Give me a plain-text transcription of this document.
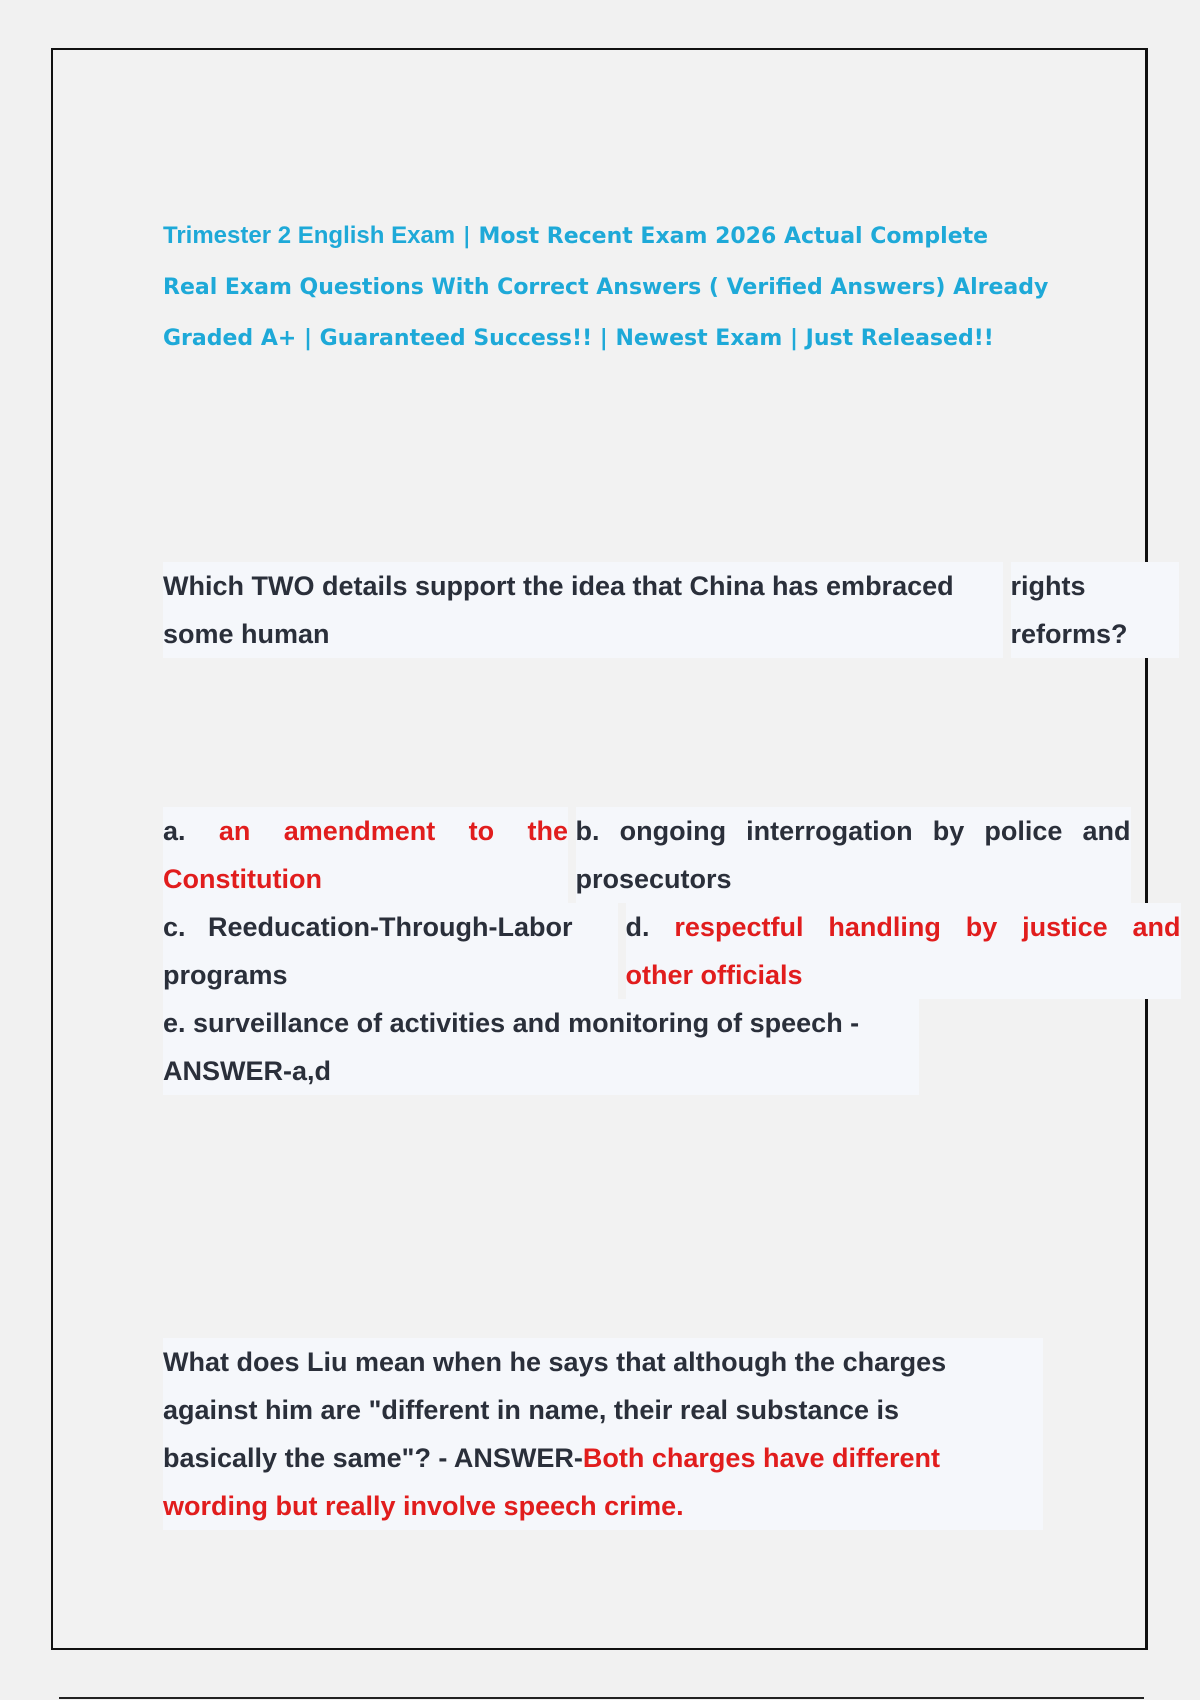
Trimester 2 English Exam | Most Recent Exam 2026 Actual Complete
Real Exam Questions With Correct Answers ( Verified Answers) Already
Graded A+ | Guaranteed Success!! | Newest Exam | Just Released!!
Which TWO details support the idea that China has embraced
some human

rights
reforms?
a. an amendment to the
Constitution

b. ongoing interrogation by police and
prosecutors

c.   Reeducation-Through-Labor
programs

d. respectful handling by justice and
other officials

e. surveillance of activities and monitoring of speech -
ANSWER-a,d
What does Liu mean when he says that although the charges
against him are "different in name, their real substance is
basically the same"? - ANSWER-Both charges have different
wording but really involve speech crime.
